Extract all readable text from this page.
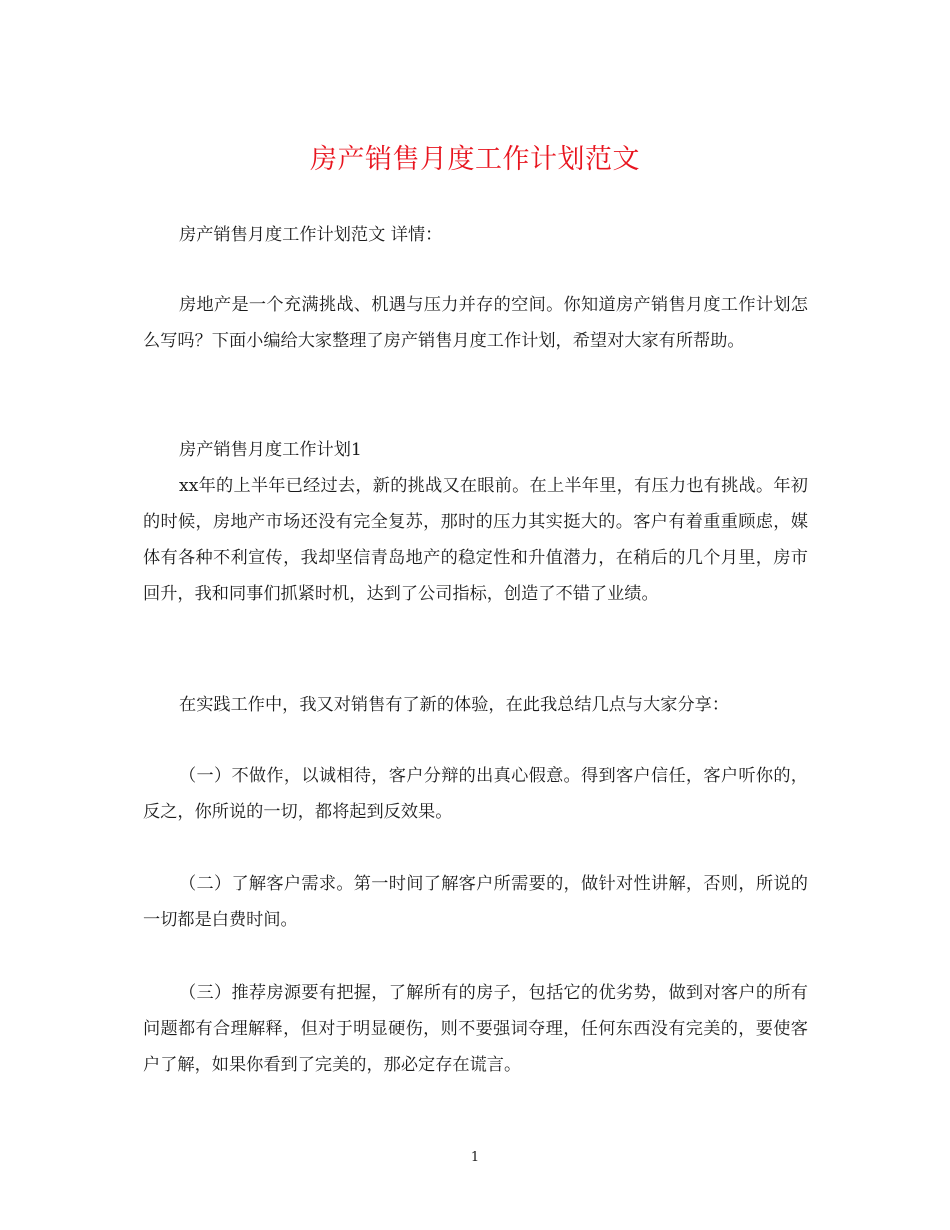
房产销售月度工作计划范文

房产销售月度工作计划范文 详情：

房地产是一个充满挑战、机遇与压力并存的空间。你知道房产销售月度工作计划怎么写吗？下面小编给大家整理了房产销售月度工作计划，希望对大家有所帮助。

房产销售月度工作计划1

xx年的上半年已经过去，新的挑战又在眼前。在上半年里，有压力也有挑战。年初的时候，房地产市场还没有完全复苏，那时的压力其实挺大的。客户有着重重顾虑，媒体有各种不利宣传，我却坚信青岛地产的稳定性和升值潜力，在稍后的几个月里，房市回升，我和同事们抓紧时机，达到了公司指标，创造了不错了业绩。

在实践工作中，我又对销售有了新的体验，在此我总结几点与大家分享：

（一）不做作，以诚相待，客户分辩的出真心假意。得到客户信任，客户听你的，反之，你所说的一切，都将起到反效果。

（二）了解客户需求。第一时间了解客户所需要的，做针对性讲解，否则，所说的一切都是白费时间。

（三）推荐房源要有把握，了解所有的房子，包括它的优劣势，做到对客户的所有问题都有合理解释，但对于明显硬伤，则不要强词夺理，任何东西没有完美的，要使客户了解，如果你看到了完美的，那必定存在谎言。

1
